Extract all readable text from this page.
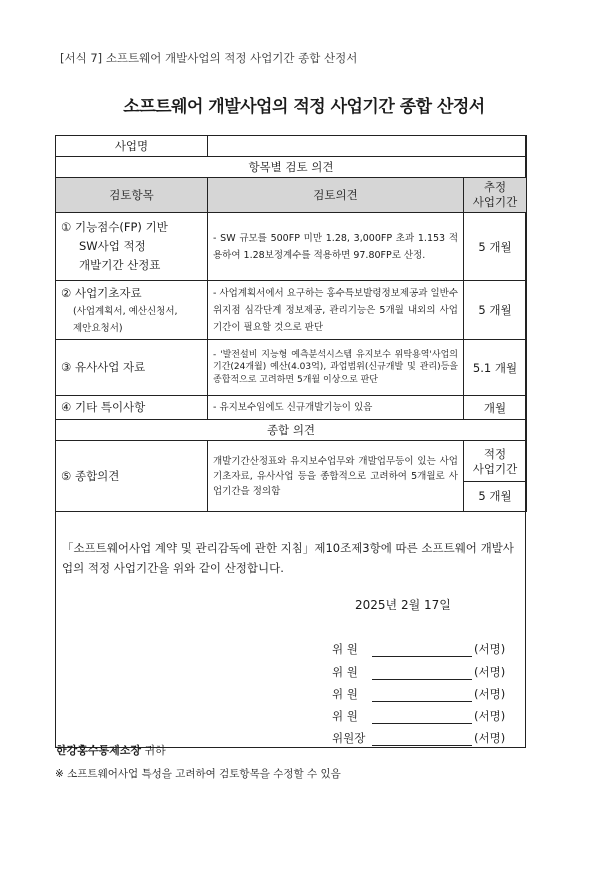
[서식 7] 소프트웨어 개발사업의 적정 사업기간 종합 산정서
소프트웨어 개발사업의 적정 사업기간 종합 산정서
사업명		
항목별 검토 의견		
검토항목	검토의견	추정
사업기간

① 기능점수(FP) 기반
SW사업 적정
개발기간 산정표	- SW 규모를 500FP 미만 1.28, 3,000FP 초과 1.153 적용하여 1.28보정계수를 적용하면 97.80FP로 산정.	5 개월

② 사업기초자료
(사업계획서, 예산신청서,
제안요청서)	- 사업계획서에서 요구하는 홍수특보발령정보제공과 일반수위지점 심각단계 정보제공, 관리기능은 5개월 내외의 사업기간이 필요할 것으로 판단	5 개월
③ 유사사업 자료	- '발전설비 지능형 예측분석시스템 유지보수 위탁용역'사업의 기간(24개월) 예산(4.03억), 과업범위(신규개발 및 관리)등을 종합적으로 고려하면 5개월 이상으로 판단	5.1 개월
④ 기타 특이사항	- 유지보수임에도 신규개발기능이 있음	개월
종합 의견		
⑤ 종합의견	개발기간산정표와 유지보수업무와 개발업무등이 있는 사업기초자료, 유사사업 등을 종합적으로 고려하여 5개월로 사업기간을 정의함	적정
사업기간
5 개월
「소프트웨어사업 계약 및 관리감독에 관한 지침」제10조제3항에 따른 소프트웨어 개발사업의 적정 사업기간을 위와 같이 산정합니다.
2025년 2월 17일
위 원	(서명)
위 원	(서명)
위 원	(서명)
위 원	(서명)
위원장	(서명)
한강홍수통제소장 귀하
※ 소프트웨어사업 특성을 고려하여 검토항목을 수정할 수 있음
